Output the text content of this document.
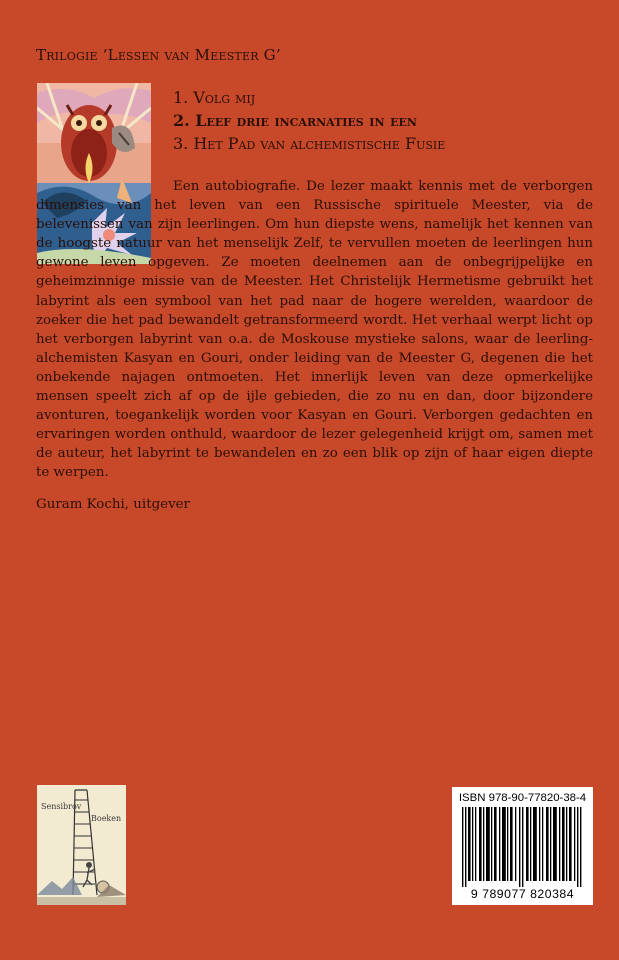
Trilogie ‘Lessen van Meester G’
1. Volg mij
2. Leef drie incarnaties in een
3. Het Pad van alchemistische Fusie

Een autobiografie. De lezer maakt kennis met de verborgen dimensies van het leven van een Russische spirituele Meester, via de belevenissen van zijn leerlingen. Om hun diepste wens, namelijk het kennen van de hoogste natuur van het menselijk Zelf, te vervullen moeten de leerlingen hun gewone leven opgeven. Ze moeten deelnemen aan de onbegrijpelijke en geheimzinnige missie van de Meester. Het Christelijk Hermetisme gebruikt het labyrint als een symbool van het pad naar de hogere werelden, waardoor de zoeker die het pad bewandelt getransformeerd wordt. Het verhaal werpt licht op het verborgen labyrint van o.a. de Moskouse mystieke salons, waar de leerling-alchemisten Kasyan en Gouri, onder leiding van de Meester G, degenen die het onbekende najagen ontmoeten. Het innerlijk leven van deze opmerkelijke mensen speelt zich af op de ijle gebieden, die zo nu en dan, door bijzondere avonturen, toegankelijk worden voor Kasyan en Gouri. Verborgen gedachten en ervaringen worden onthuld, waardoor de lezer gelegenheid krijgt om, samen met de auteur, het labyrint te bewandelen en zo een blik op zijn of haar eigen diepte te werpen.

Guram Kochi, uitgever
Sensibrov
Boeken
ISBN 978-90-77820-38-4
9 789077 820384
